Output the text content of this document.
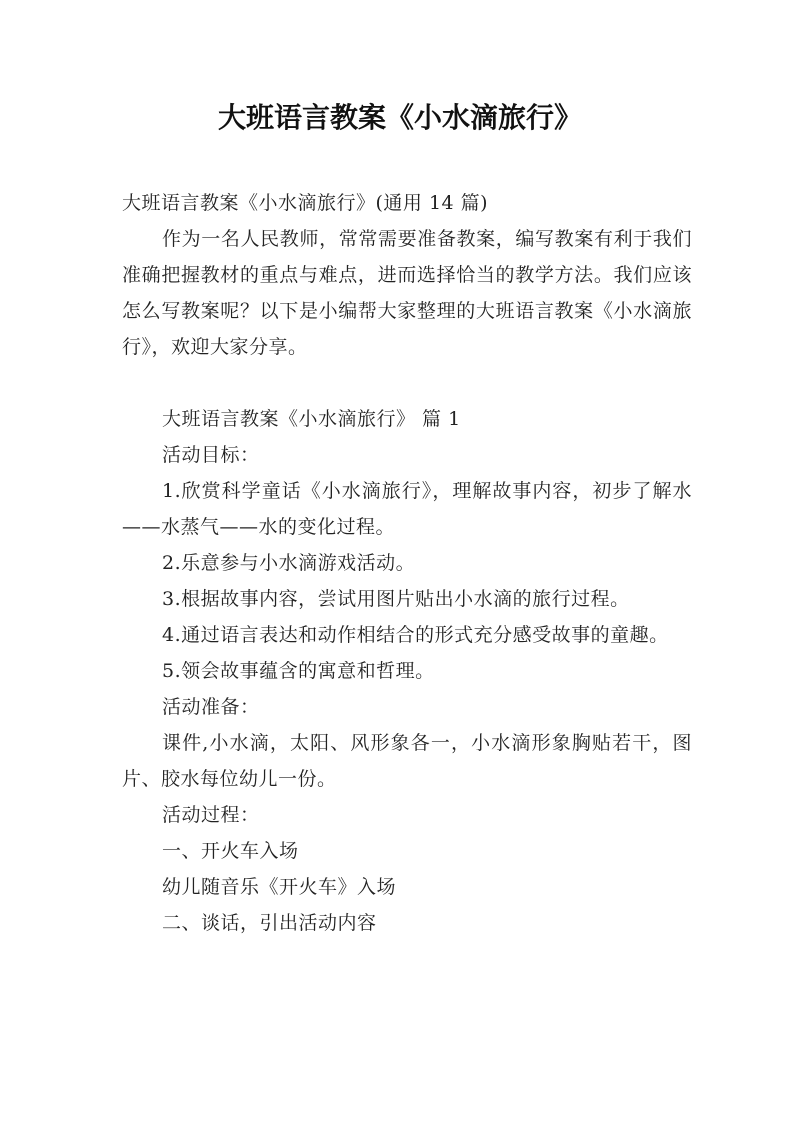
大班语言教案《小水滴旅行》

大班语言教案《小水滴旅行》(通用 14 篇)

作为一名人民教师，常常需要准备教案，编写教案有利于我们准确把握教材的重点与难点，进而选择恰当的教学方法。我们应该怎么写教案呢？以下是小编帮大家整理的大班语言教案《小水滴旅行》，欢迎大家分享。

大班语言教案《小水滴旅行》 篇 1

活动目标：

1.欣赏科学童话《小水滴旅行》，理解故事内容，初步了解水——水蒸气——水的变化过程。

2.乐意参与小水滴游戏活动。

3.根据故事内容，尝试用图片贴出小水滴的旅行过程。

4.通过语言表达和动作相结合的形式充分感受故事的童趣。

5.领会故事蕴含的寓意和哲理。

活动准备：

课件,小水滴，太阳、风形象各一，小水滴形象胸贴若干，图片、胶水每位幼儿一份。

活动过程：

一、开火车入场

幼儿随音乐《开火车》入场

二、谈话，引出活动内容
